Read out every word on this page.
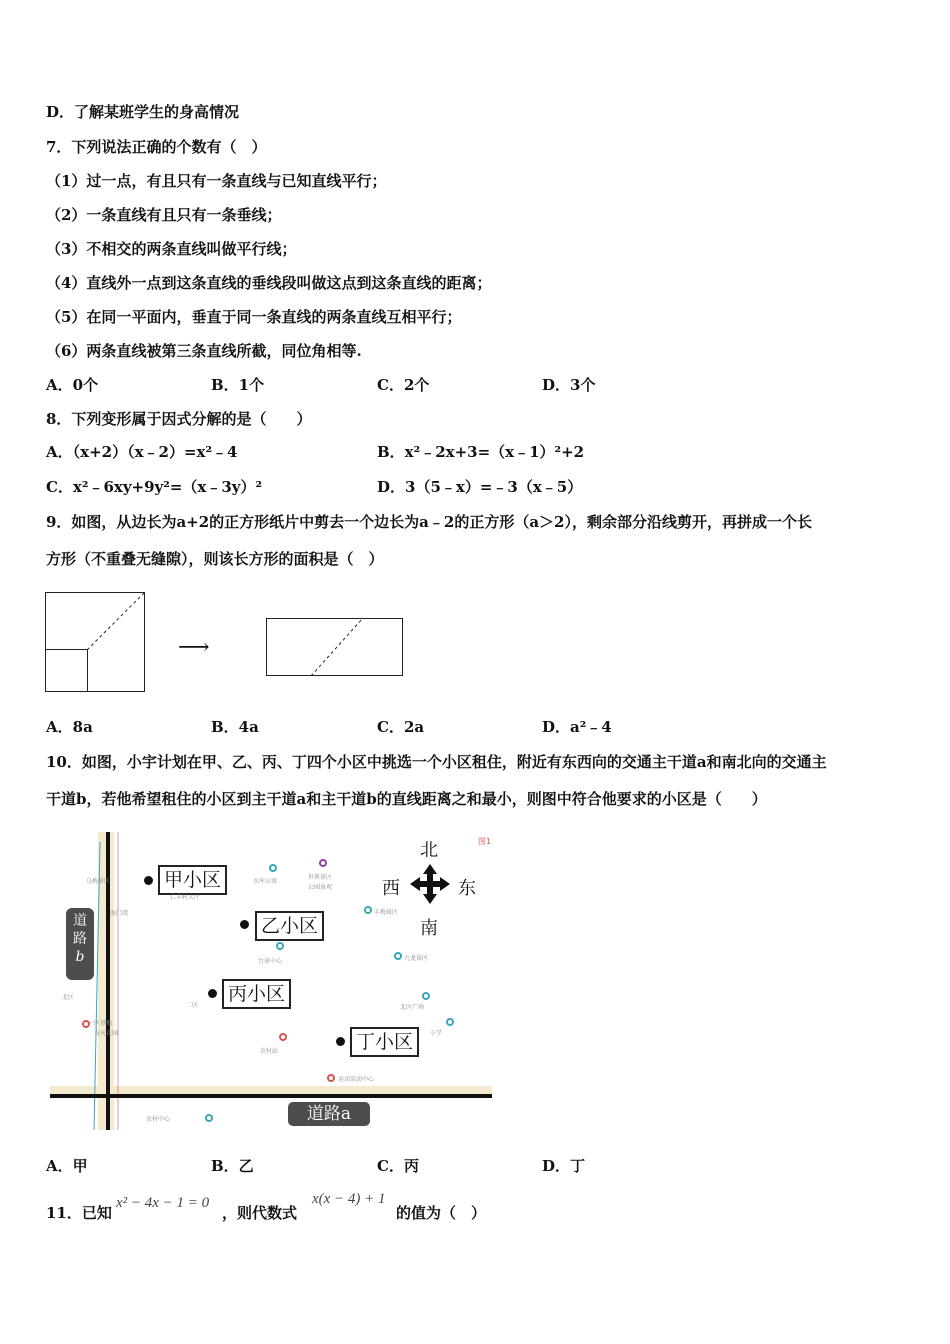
D．了解某班学生的身高情况
7．下列说法正确的个数有（　）
（1）过一点，有且只有一条直线与已知直线平行；
（2）一条直线有且只有一条垂线；
（3）不相交的两条直线叫做平行线；
（4）直线外一点到这条直线的垂线段叫做这点到这条直线的距离；
（5）在同一平面内，垂直于同一条直线的两条直线互相平行；
（6）两条直线被第三条直线所截，同位角相等.
A．0个	B．1个	C．2个	D．3个
8．下列变形属于因式分解的是（　　）
A．（x+2）（x﹣2）=x²﹣4	B．x²﹣2x+3=（x﹣1）²+2
C．x²﹣6xy+9y²=（x﹣3y）²	D．3（5﹣x）=﹣3（x﹣5）
9．如图，从边长为a+2的正方形纸片中剪去一个边长为a﹣2的正方形（a＞2），剩余部分沿线剪开，再拼成一个长
方形（不重叠无缝隙），则该长方形的面积是（　）
⟶
A．8a	B．4a	C．2a	D．a²﹣4
10．如图，小宇计划在甲、乙、丙、丁四个小区中挑选一个小区租住，附近有东西向的交通主干道a和南北向的交通主
干道b，若他希望租住的小区到主干道a和主干道b的直线距离之和最小，则图中符合他要求的小区是（　　）
北
南
西	东
图1
甲小区
乙小区
丙小区
丁小区
道
路
b
道路a
乌梅景区
仁丰村大厅
海门湾
水库公寓
世界景区
公园景观
丰梅景区
九龙景区
台景中心
北区
一区基地
春天花园
二区	北区广场
农村站
运动活动中心
农村中心
小学
A．甲	B．乙	C．丙	D．丁
11．已知
x² − 4x − 1 = 0
，则代数式
x(x − 4) + 1
的值为（　）
